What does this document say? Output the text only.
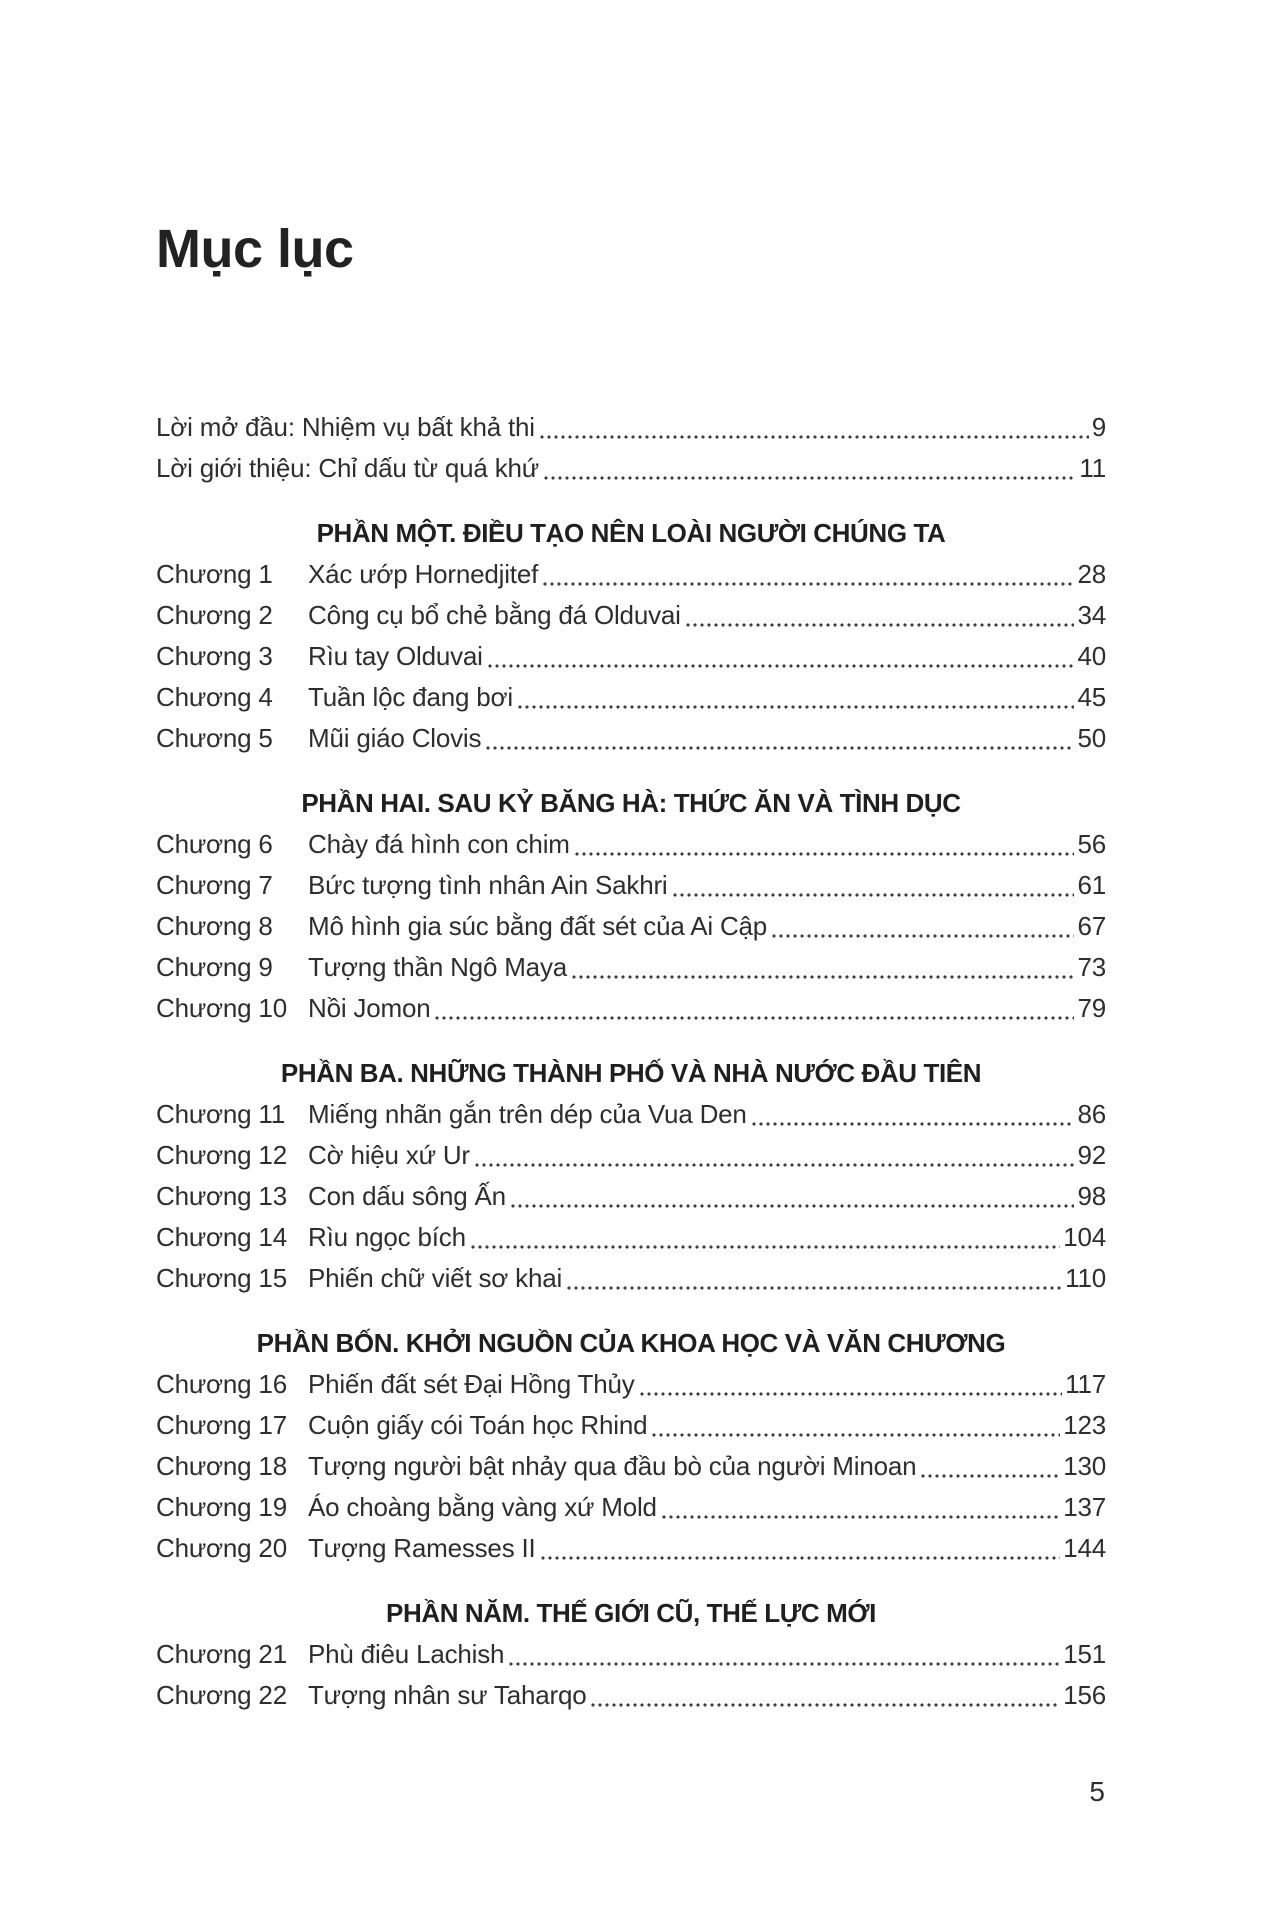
Mục lục
Lời mở đầu: Nhiệm vụ bất khả thi	9
Lời giới thiệu: Chỉ dấu từ quá khứ	11
PHẦN MỘT. ĐIỀU TẠO NÊN LOÀI NGƯỜI CHÚNG TA
Chương 1	Xác ướp Hornedjitef	28
Chương 2	Công cụ bổ chẻ bằng đá Olduvai	34
Chương 3	Rìu tay Olduvai	40
Chương 4	Tuần lộc đang bơi	45
Chương 5	Mũi giáo Clovis	50
PHẦN HAI. SAU KỶ BĂNG HÀ: THỨC ĂN VÀ TÌNH DỤC
Chương 6	Chày đá hình con chim	56
Chương 7	Bức tượng tình nhân Ain Sakhri	61
Chương 8	Mô hình gia súc bằng đất sét của Ai Cập	67
Chương 9	Tượng thần Ngô Maya	73
Chương 10 Nồi Jomon	79
PHẦN BA. NHỮNG THÀNH PHỐ VÀ NHÀ NƯỚC ĐẦU TIÊN
Chương 11 Miếng nhãn gắn trên dép của Vua Den	86
Chương 12 Cờ hiệu xứ Ur	92
Chương 13 Con dấu sông Ấn	98
Chương 14 Rìu ngọc bích	104
Chương 15 Phiến chữ viết sơ khai	110
PHẦN BỐN. KHỞI NGUỒN CỦA KHOA HỌC VÀ VĂN CHƯƠNG
Chương 16 Phiến đất sét Đại Hồng Thủy	117
Chương 17 Cuộn giấy cói Toán học Rhind	123
Chương 18 Tượng người bật nhảy qua đầu bò của người Minoan	130
Chương 19 Áo choàng bằng vàng xứ Mold	137
Chương 20 Tượng Ramesses II	144
PHẦN NĂM. THẾ GIỚI CŨ, THẾ LỰC MỚI
Chương 21 Phù điêu Lachish	151
Chương 22 Tượng nhân sư Taharqo	156
5
